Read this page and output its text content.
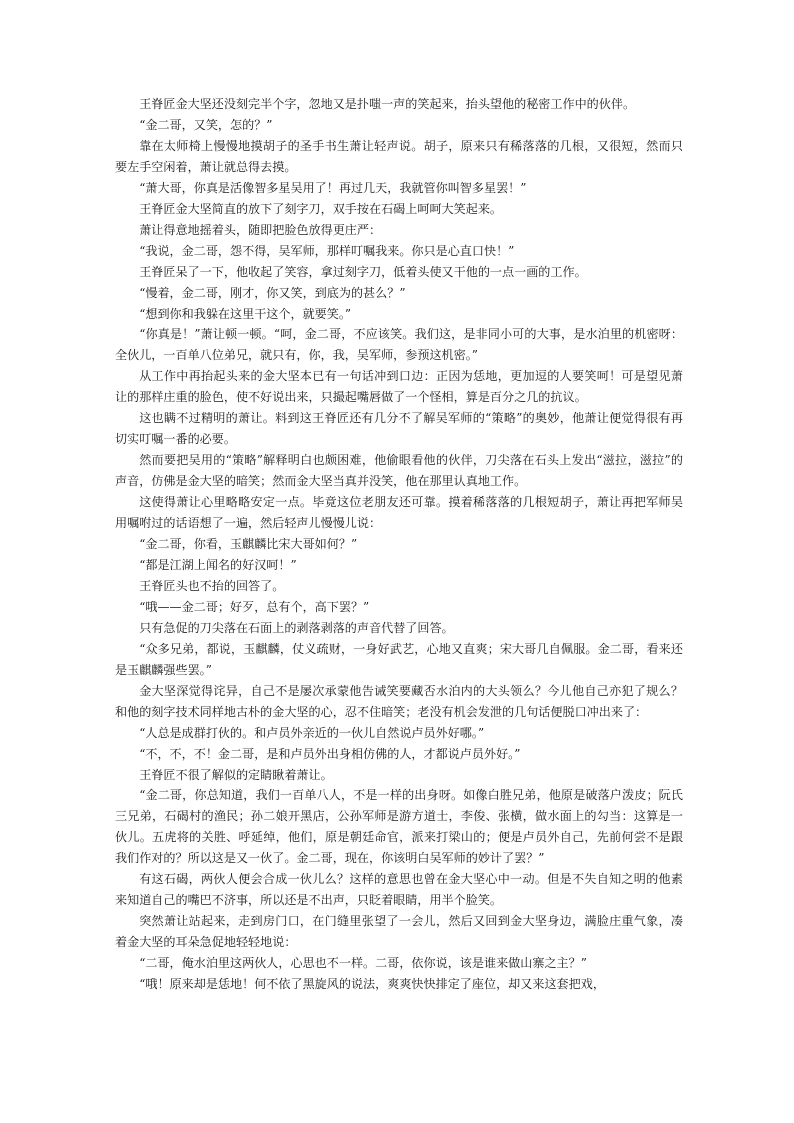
王脊匠金大坚还没刻完半个字，忽地又是扑嗤一声的笑起来，抬头望他的秘密工作中的伙伴。

“金二哥，又笑，怎的？”

靠在太师椅上慢慢地摸胡子的圣手书生萧让轻声说。胡子，原来只有稀落落的几根，又很短，然而只要左手空闲着，萧让就总得去摸。

“萧大哥，你真是活像智多星吴用了！再过几天，我就管你叫智多星罢！”

王脊匠金大坚简直的放下了刻字刀，双手按在石碣上呵呵大笑起来。

萧让得意地摇着头，随即把脸色放得更庄严：

“我说，金二哥，怨不得，吴军师，那样叮嘱我来。你只是心直口快！”

王脊匠呆了一下，他收起了笑容，拿过刻字刀，低着头使又干他的一点一画的工作。

“慢着，金二哥，刚才，你又笑，到底为的甚么？”

“想到你和我躲在这里干这个，就要笑。”

“你真是！”萧让顿一顿。“呵，金二哥，不应该笑。我们这，是非同小可的大事，是水泊里的机密呀：全伙儿，一百单八位弟兄，就只有，你，我，吴军师，参预这机密。”

从工作中再抬起头来的金大坚本已有一句话冲到口边：正因为恁地，更加逗的人要笑呵！可是望见萧让的那样庄重的脸色，使不好说出来，只撮起嘴唇做了一个怪相，算是百分之几的抗议。

这也瞒不过精明的萧让。料到这王脊匠还有几分不了解吴军师的“策略”的奥妙，他萧让便觉得很有再切实叮嘱一番的必要。

然而要把吴用的“策略”解释明白也颇困难，他偷眼看他的伙伴，刀尖落在石头上发出“滋拉，滋拉”的声音，仿佛是金大坚的暗笑；然而金大坚当真并没笑，他在那里认真地工作。

这使得萧让心里略略安定一点。毕竟这位老朋友还可靠。摸着稀落落的几根短胡子，萧让再把军师吴用嘱咐过的话语想了一遍，然后轻声儿慢慢儿说：

“金二哥，你看，玉麒麟比宋大哥如何？”

“都是江湖上闻名的好汉呵！”

王脊匠头也不抬的回答了。

“哦——金二哥；好歹，总有个，高下罢？”

只有急促的刀尖落在石面上的剥落剥落的声音代替了回答。

“众多兄弟，都说，玉麒麟，仗义疏财，一身好武艺，心地又直爽；宋大哥几自佩服。金二哥，看来还是玉麒麟强些罢。”

金大坚深觉得诧异，自己不是屡次承蒙他告诫笑要藏否水泊内的大头领么？今儿他自己亦犯了规么？和他的刻字技术同样地古朴的金大坚的心，忍不住暗笑；老没有机会发泄的几句话便脱口冲出来了：

“人总是成群打伙的。和卢员外亲近的一伙儿自然说卢员外好哪。”

“不，不，不！金二哥，是和卢员外出身相仿佛的人，才都说卢员外好。”

王脊匠不很了解似的定睛瞅着萧让。

“金二哥，你总知道，我们一百单八人，不是一样的出身呀。如像白胜兄弟，他原是破落户泼皮；阮氏三兄弟，石碣村的渔民；孙二娘开黑店，公孙军师是游方道士，李俊、张横，做水面上的勾当：这算是一伙儿。五虎将的关胜、呼延绰，他们，原是朝廷命官，派来打梁山的；便是卢员外自己，先前何尝不是跟我们作对的？所以这是又一伙了。金二哥，现在，你该明白吴军师的妙计了罢？”

有这石碣，两伙人便会合成一伙儿么？这样的意思也曾在金大坚心中一动。但是不失自知之明的他素来知道自己的嘴巴不济事，所以还是不出声，只眨着眼睛，用半个脸笑。

突然萧让站起来，走到房门口，在门缝里张望了一会儿，然后又回到金大坚身边，满脸庄重气象，凑着金大坚的耳朵急促地轻轻地说：

“二哥，俺水泊里这两伙人，心思也不一样。二哥，依你说，该是谁来做山寨之主？”

“哦！原来却是恁地！何不依了黑旋风的说法，爽爽快快排定了座位，却又来这套把戏，
